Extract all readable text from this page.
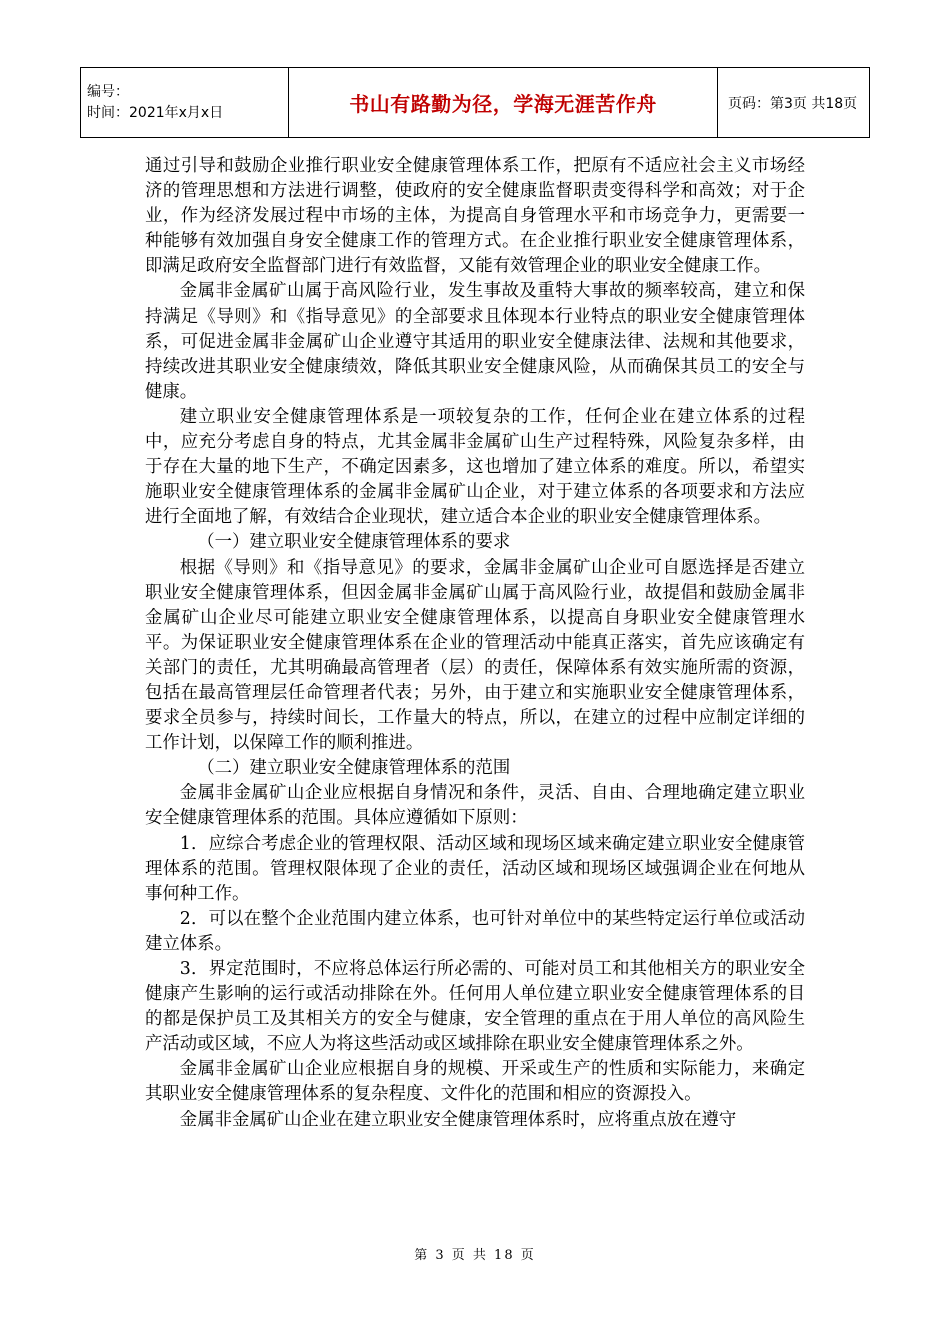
编号：
时间：2021年x月x日	书山有路勤为径，学海无涯苦作舟	页码：第3页 共18页

通过引导和鼓励企业推行职业安全健康管理体系工作，把原有不适应社会主义市场经济的管理思想和方法进行调整，使政府的安全健康监督职责变得科学和高效；对于企业，作为经济发展过程中市场的主体，为提高自身管理水平和市场竞争力，更需要一种能够有效加强自身安全健康工作的管理方式。在企业推行职业安全健康管理体系，即满足政府安全监督部门进行有效监督，又能有效管理企业的职业安全健康工作。

金属非金属矿山属于高风险行业，发生事故及重特大事故的频率较高，建立和保持满足《导则》和《指导意见》的全部要求且体现本行业特点的职业安全健康管理体系，可促进金属非金属矿山企业遵守其适用的职业安全健康法律、法规和其他要求，持续改进其职业安全健康绩效，降低其职业安全健康风险，从而确保其员工的安全与健康。

建立职业安全健康管理体系是一项较复杂的工作，任何企业在建立体系的过程中，应充分考虑自身的特点，尤其金属非金属矿山生产过程特殊，风险复杂多样，由于存在大量的地下生产，不确定因素多，这也增加了建立体系的难度。所以，希望实施职业安全健康管理体系的金属非金属矿山企业，对于建立体系的各项要求和方法应进行全面地了解，有效结合企业现状，建立适合本企业的职业安全健康管理体系。

（一）建立职业安全健康管理体系的要求

根据《导则》和《指导意见》的要求，金属非金属矿山企业可自愿选择是否建立职业安全健康管理体系，但因金属非金属矿山属于高风险行业，故提倡和鼓励金属非金属矿山企业尽可能建立职业安全健康管理体系，以提高自身职业安全健康管理水平。为保证职业安全健康管理体系在企业的管理活动中能真正落实，首先应该确定有关部门的责任，尤其明确最高管理者（层）的责任，保障体系有效实施所需的资源，包括在最高管理层任命管理者代表；另外，由于建立和实施职业安全健康管理体系，要求全员参与，持续时间长，工作量大的特点，所以，在建立的过程中应制定详细的工作计划，以保障工作的顺利推进。

（二）建立职业安全健康管理体系的范围

金属非金属矿山企业应根据自身情况和条件，灵活、自由、合理地确定建立职业安全健康管理体系的范围。具体应遵循如下原则：

1．应综合考虑企业的管理权限、活动区域和现场区域来确定建立职业安全健康管理体系的范围。管理权限体现了企业的责任，活动区域和现场区域强调企业在何地从事何种工作。

2．可以在整个企业范围内建立体系，也可针对单位中的某些特定运行单位或活动建立体系。

3．界定范围时，不应将总体运行所必需的、可能对员工和其他相关方的职业安全健康产生影响的运行或活动排除在外。任何用人单位建立职业安全健康管理体系的目的都是保护员工及其相关方的安全与健康，安全管理的重点在于用人单位的高风险生产活动或区域，不应人为将这些活动或区域排除在职业安全健康管理体系之外。

金属非金属矿山企业应根据自身的规模、开采或生产的性质和实际能力，来确定其职业安全健康管理体系的复杂程度、文件化的范围和相应的资源投入。

金属非金属矿山企业在建立职业安全健康管理体系时，应将重点放在遵守

第 3 页 共 18 页
